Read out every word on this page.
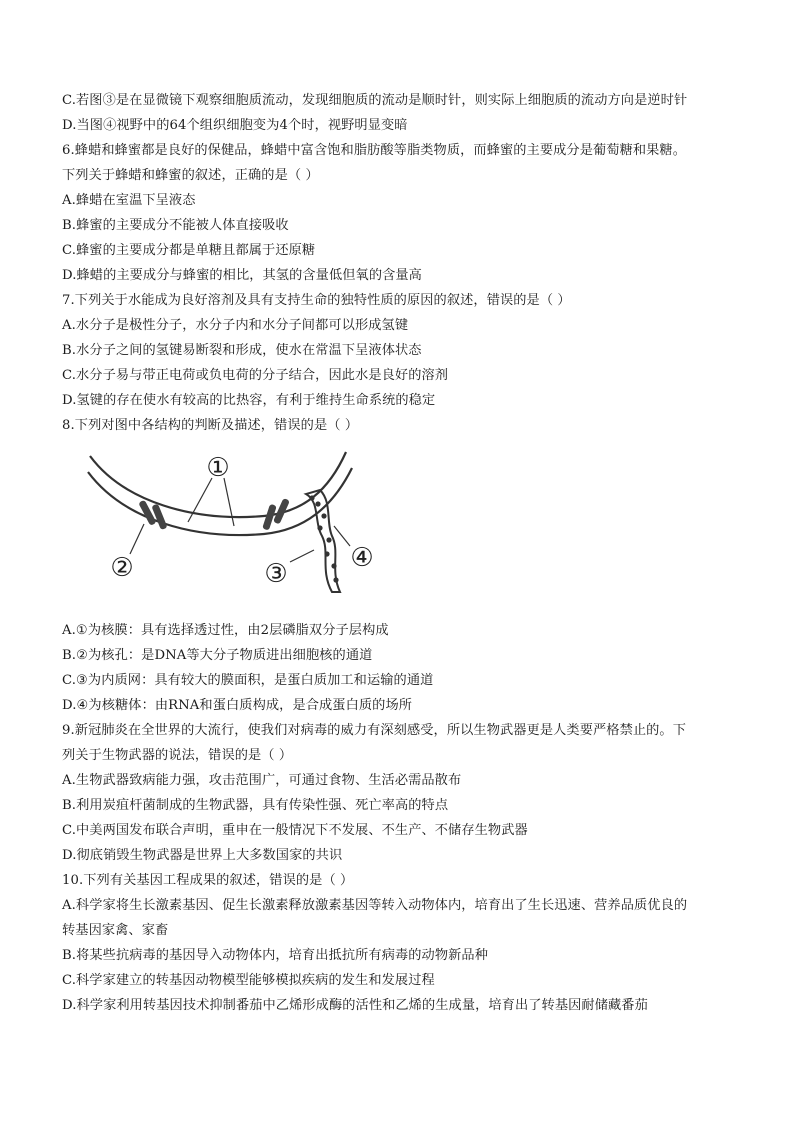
C.若图③是在显微镜下观察细胞质流动，发现细胞质的流动是顺时针，则实际上细胞质的流动方向是逆时针
D.当图④视野中的64个组织细胞变为4个时，视野明显变暗
6.蜂蜡和蜂蜜都是良好的保健品，蜂蜡中富含饱和脂肪酸等脂类物质，而蜂蜜的主要成分是葡萄糖和果糖。
下列关于蜂蜡和蜂蜜的叙述，正确的是（ ）
A.蜂蜡在室温下呈液态
B.蜂蜜的主要成分不能被人体直接吸收
C.蜂蜜的主要成分都是单糖且都属于还原糖
D.蜂蜡的主要成分与蜂蜜的相比，其氢的含量低但氧的含量高
7.下列关于水能成为良好溶剂及具有支持生命的独特性质的原因的叙述，错误的是（ ）
A.水分子是极性分子，水分子内和水分子间都可以形成氢键
B.水分子之间的氢键易断裂和形成，使水在常温下呈液体状态
C.水分子易与带正电荷或负电荷的分子结合，因此水是良好的溶剂
D.氢键的存在使水有较高的比热容，有利于维持生命系统的稳定
8.下列对图中各结构的判断及描述，错误的是（ ）
①
②	③
④
A.①为核膜：具有选择透过性，由2层磷脂双分子层构成
B.②为核孔：是DNA等大分子物质进出细胞核的通道
C.③为内质网：具有较大的膜面积，是蛋白质加工和运输的通道
D.④为核糖体：由RNA和蛋白质构成，是合成蛋白质的场所
9.新冠肺炎在全世界的大流行，使我们对病毒的威力有深刻感受，所以生物武器更是人类要严格禁止的。下
列关于生物武器的说法，错误的是（ ）
A.生物武器致病能力强，攻击范围广，可通过食物、生活必需品散布
B.利用炭疽杆菌制成的生物武器，具有传染性强、死亡率高的特点
C.中美两国发布联合声明，重申在一般情况下不发展、不生产、不储存生物武器
D.彻底销毁生物武器是世界上大多数国家的共识
10.下列有关基因工程成果的叙述，错误的是（ ）
A.科学家将生长激素基因、促生长激素释放激素基因等转入动物体内，培育出了生长迅速、营养品质优良的
转基因家禽、家畜
B.将某些抗病毒的基因导入动物体内，培育出抵抗所有病毒的动物新品种
C.科学家建立的转基因动物模型能够模拟疾病的发生和发展过程
D.科学家利用转基因技术抑制番茄中乙烯形成酶的活性和乙烯的生成量，培育出了转基因耐储藏番茄
